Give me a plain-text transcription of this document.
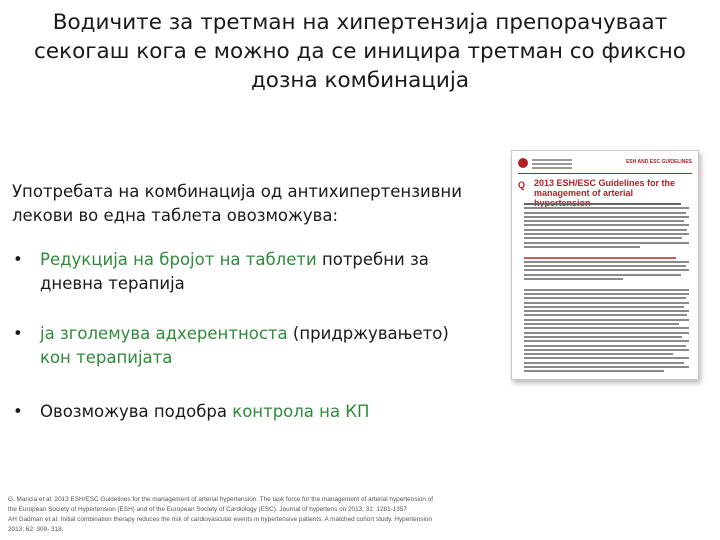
Водичите за третман на хипертензија препорачуваат
секогаш кога е можно да се иницира третман со фиксно
дозна комбинација
Употребата на комбинација од антихипертензивни
лекови во една таблета овозможува:
• Редукција на бројот на таблети потребни за
дневна терапија
• ја зголемува адхерентноста (придржувањето)
кон терапијата
• Овозможува подобра контрола на КП
ESH AND ESC GUIDELINES
Q 2013 ESH/ESC Guidelines for the management of arterial
G. Mancia et al. 2013 ESH/ESC Guidelines for the management of arterial hypertension. The task force for the management of arterial hypertension of
the European Society of Hypertension (ESH) and of the European Society of Cardiology (ESC). Journal of hypertens on 2013; 31: 1281-1357
AH Gadman et al. Initial combination therapy reduces the risk of cardiovascular events in hypertensive patients. A matched cohort study. Hypertension
2013; 62: 309- 318.
